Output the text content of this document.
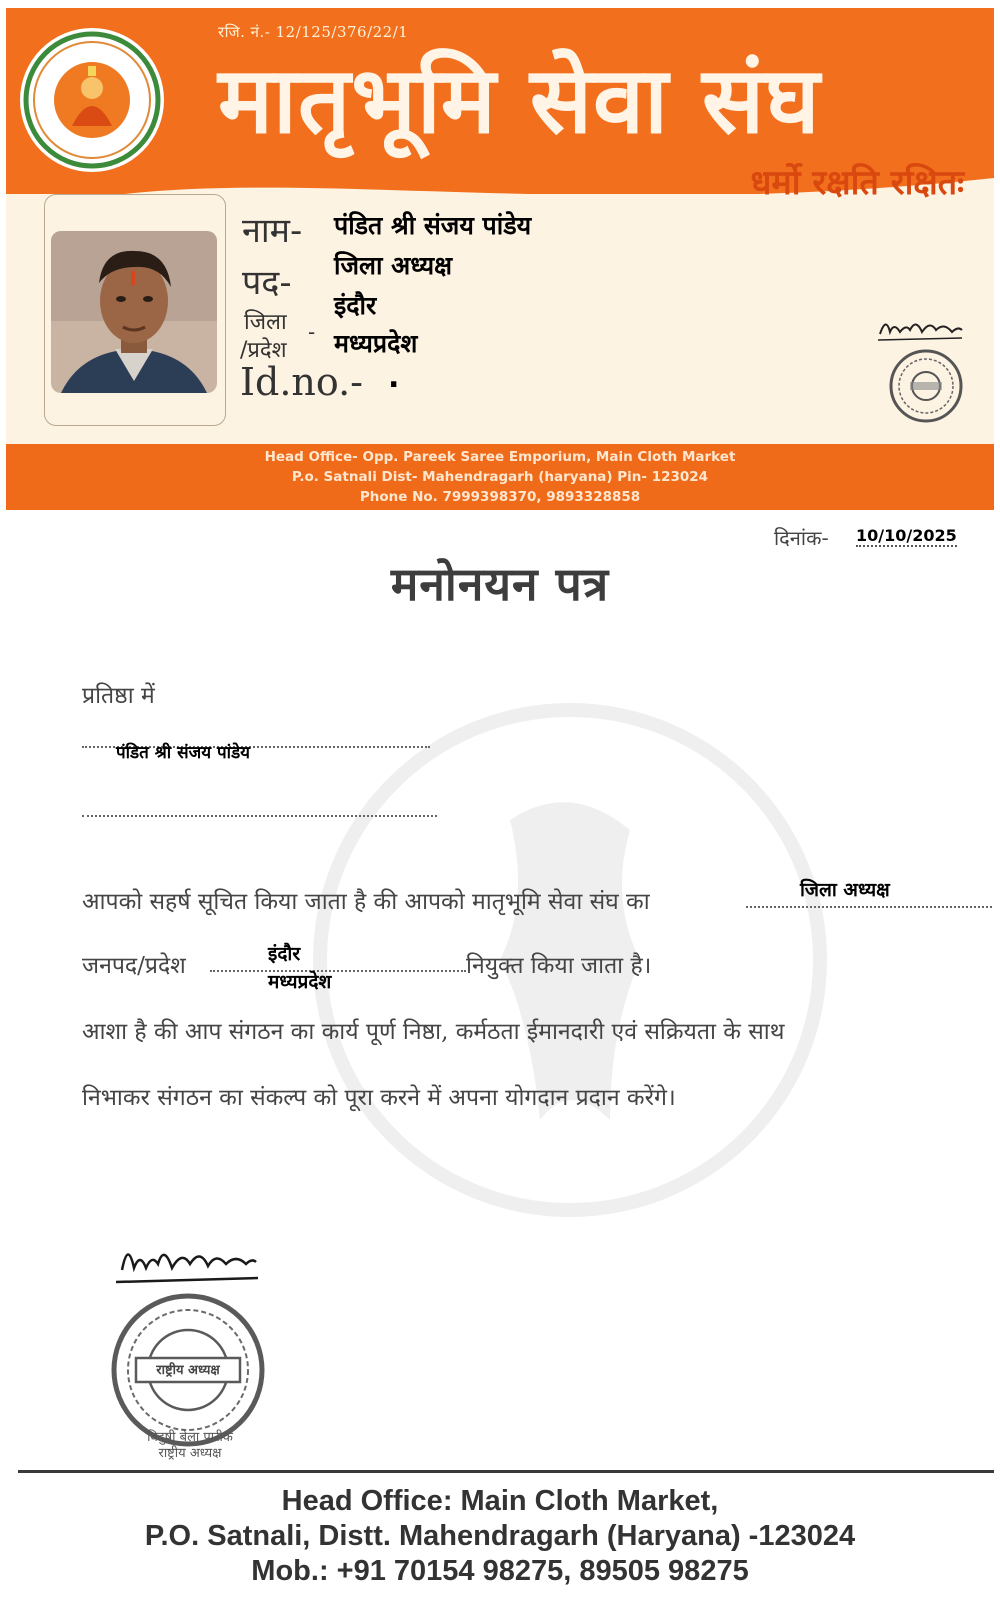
रजि. नं.- 12/125/376/22/1
मातृभूमि सेवा संघ
धर्मो रक्षति रक्षितः
नाम-
पद-
जिला
/प्रदेश
-
Id.no.-
पंडित श्री संजय पांडेय
जिला अध्यक्ष
इंदौर
मध्यप्रदेश
.
Head Office- Opp. Pareek Saree Emporium, Main Cloth Market
P.o. Satnali Dist- Mahendragarh (haryana) Pin- 123024
Phone No. 7999398370, 9893328858
दिनांक- 10/10/2025
मनोनयन पत्र
प्रतिष्ठा में
पंडित श्री संजय पांडेय
आपको सहर्ष सूचित किया जाता है की आपको मातृभूमि सेवा संघ का	जिला अध्यक्ष
जनपद/प्रदेश	इंदौर
मध्यप्रदेश
नियुक्त किया जाता है।
आशा है की आप संगठन का कार्य पूर्ण निष्ठा, कर्मठता ईमानदारी एवं सक्रियता के साथ
निभाकर संगठन का संकल्प को पूरा करने में अपना योगदान प्रदान करेंगे।
राष्ट्रीय अध्यक्ष
विदुषी बेला पारीक
राष्ट्रीय अध्यक्ष
Head Office: Main Cloth Market,
P.O. Satnali, Distt. Mahendragarh (Haryana) -123024
Mob.: +91 70154 98275, 89505 98275
